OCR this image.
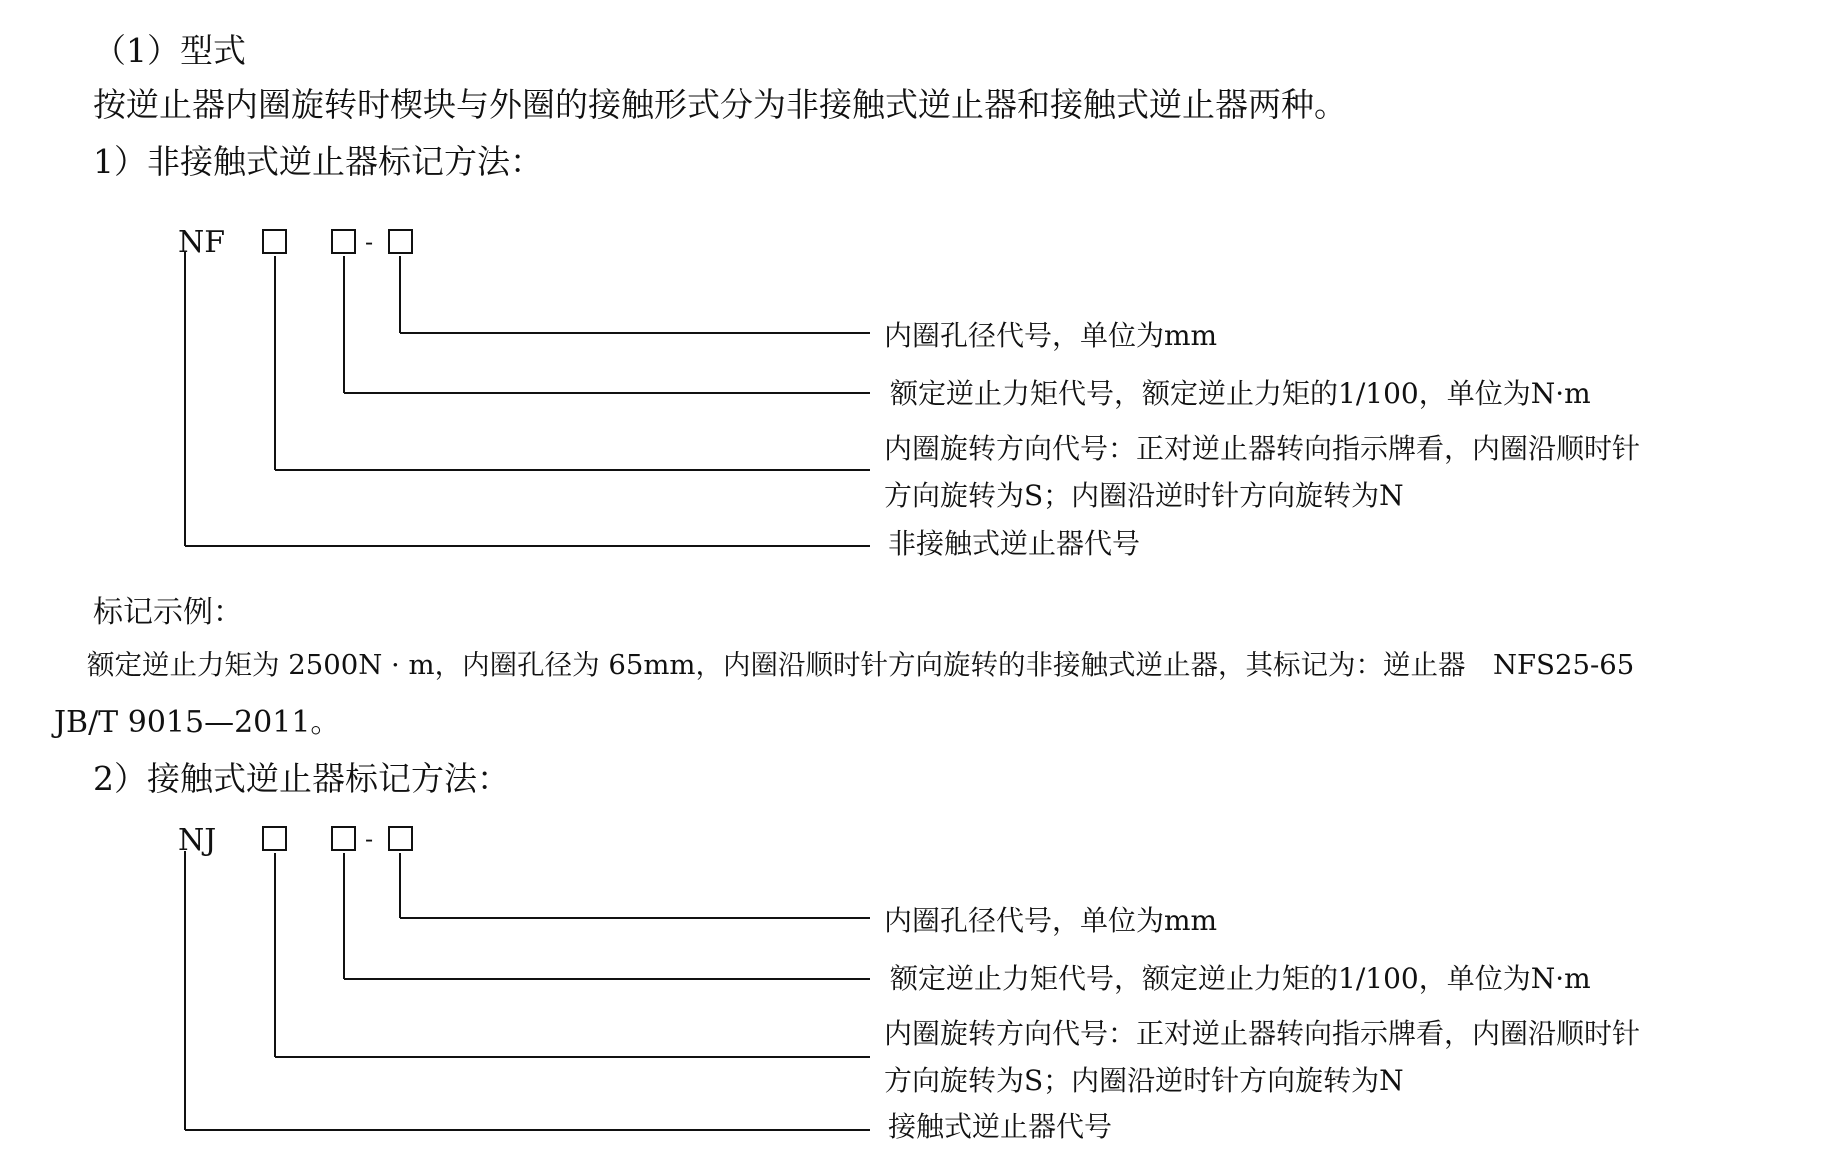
（1）型式
按逆止器内圈旋转时楔块与外圈的接触形式分为非接触式逆止器和接触式逆止器两种。
1）非接触式逆止器标记方法：
NF	-
内圈孔径代号，单位为mm
额定逆止力矩代号，额定逆止力矩的1/100，单位为N·m
内圈旋转方向代号：正对逆止器转向指示牌看，内圈沿顺时针
方向旋转为S；内圈沿逆时针方向旋转为N
非接触式逆止器代号
标记示例：
额定逆止力矩为 2500N · m，内圈孔径为 65mm，内圈沿顺时针方向旋转的非接触式逆止器，其标记为：逆止器　NFS25-65
JB/T 9015—2011。
2）接触式逆止器标记方法：
NJ	-
内圈孔径代号，单位为mm
额定逆止力矩代号，额定逆止力矩的1/100，单位为N·m
内圈旋转方向代号：正对逆止器转向指示牌看，内圈沿顺时针
方向旋转为S；内圈沿逆时针方向旋转为N
接触式逆止器代号
